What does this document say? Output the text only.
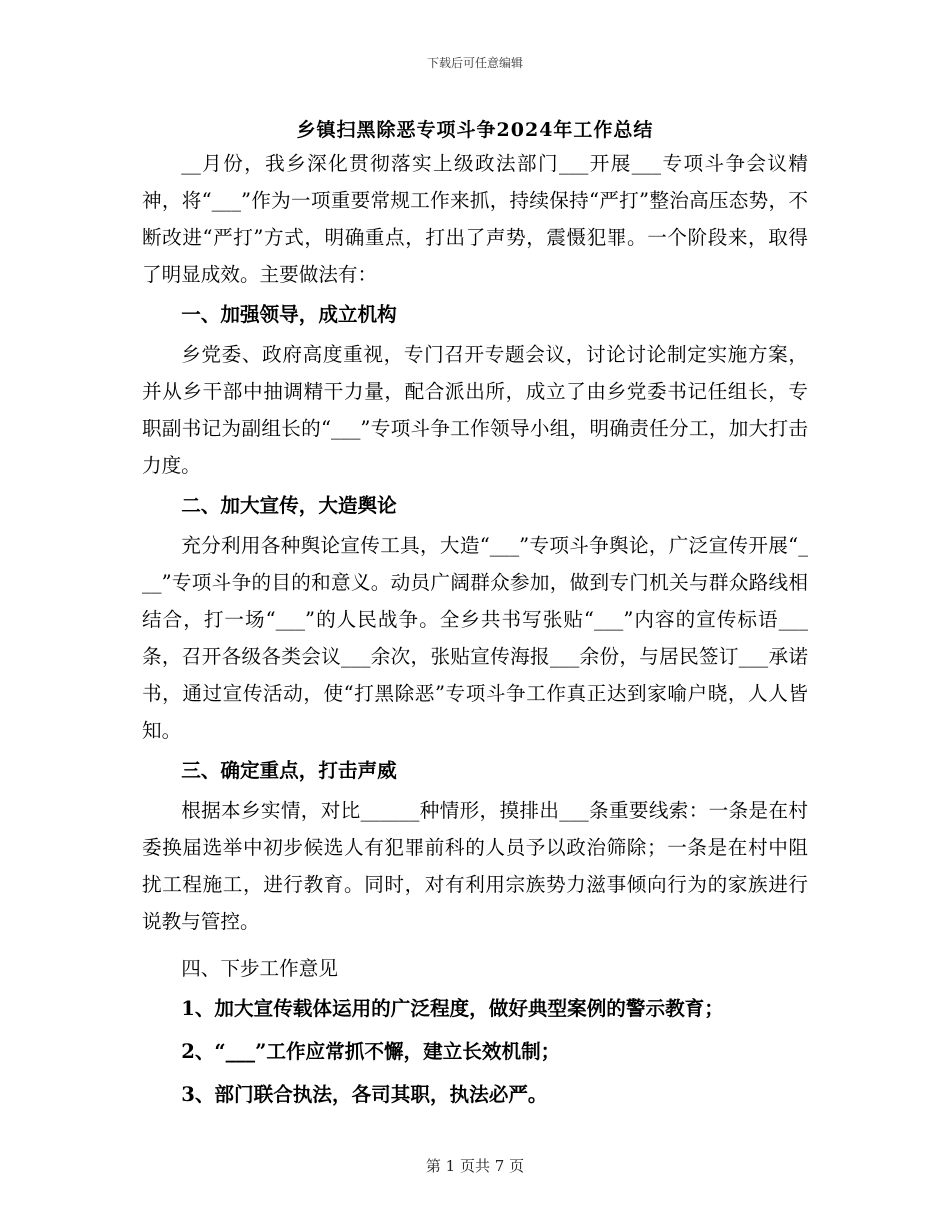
下载后可任意编辑
乡镇扫黑除恶专项斗争2024年工作总结

__月份，我乡深化贯彻落实上级政法部门___开展___专项斗争会议精神，将“___”作为一项重要常规工作来抓，持续保持“严打”整治高压态势，不断改进“严打”方式，明确重点，打出了声势，震慑犯罪。一个阶段来，取得了明显成效。主要做法有：

一、加强领导，成立机构

乡党委、政府高度重视，专门召开专题会议，讨论讨论制定实施方案，并从乡干部中抽调精干力量，配合派出所，成立了由乡党委书记任组长，专职副书记为副组长的“___”专项斗争工作领导小组，明确责任分工，加大打击力度。

二、加大宣传，大造舆论

充分利用各种舆论宣传工具，大造“___”专项斗争舆论，广泛宣传开展“___”专项斗争的目的和意义。动员广阔群众参加，做到专门机关与群众路线相结合，打一场“___”的人民战争。全乡共书写张贴“___”内容的宣传标语___条，召开各级各类会议___余次，张贴宣传海报___余份，与居民签订___承诺书，通过宣传活动，使“打黑除恶”专项斗争工作真正达到家喻户晓，人人皆知。

三、确定重点，打击声威

根据本乡实情，对比______种情形，摸排出___条重要线索：一条是在村委换届选举中初步候选人有犯罪前科的人员予以政治筛除；一条是在村中阻扰工程施工，进行教育。同时，对有利用宗族势力滋事倾向行为的家族进行说教与管控。

四、下步工作意见

1、加大宣传载体运用的广泛程度，做好典型案例的警示教育；

2、“___”工作应常抓不懈，建立长效机制；

3、部门联合执法，各司其职，执法必严。

第 1 页共 7 页
